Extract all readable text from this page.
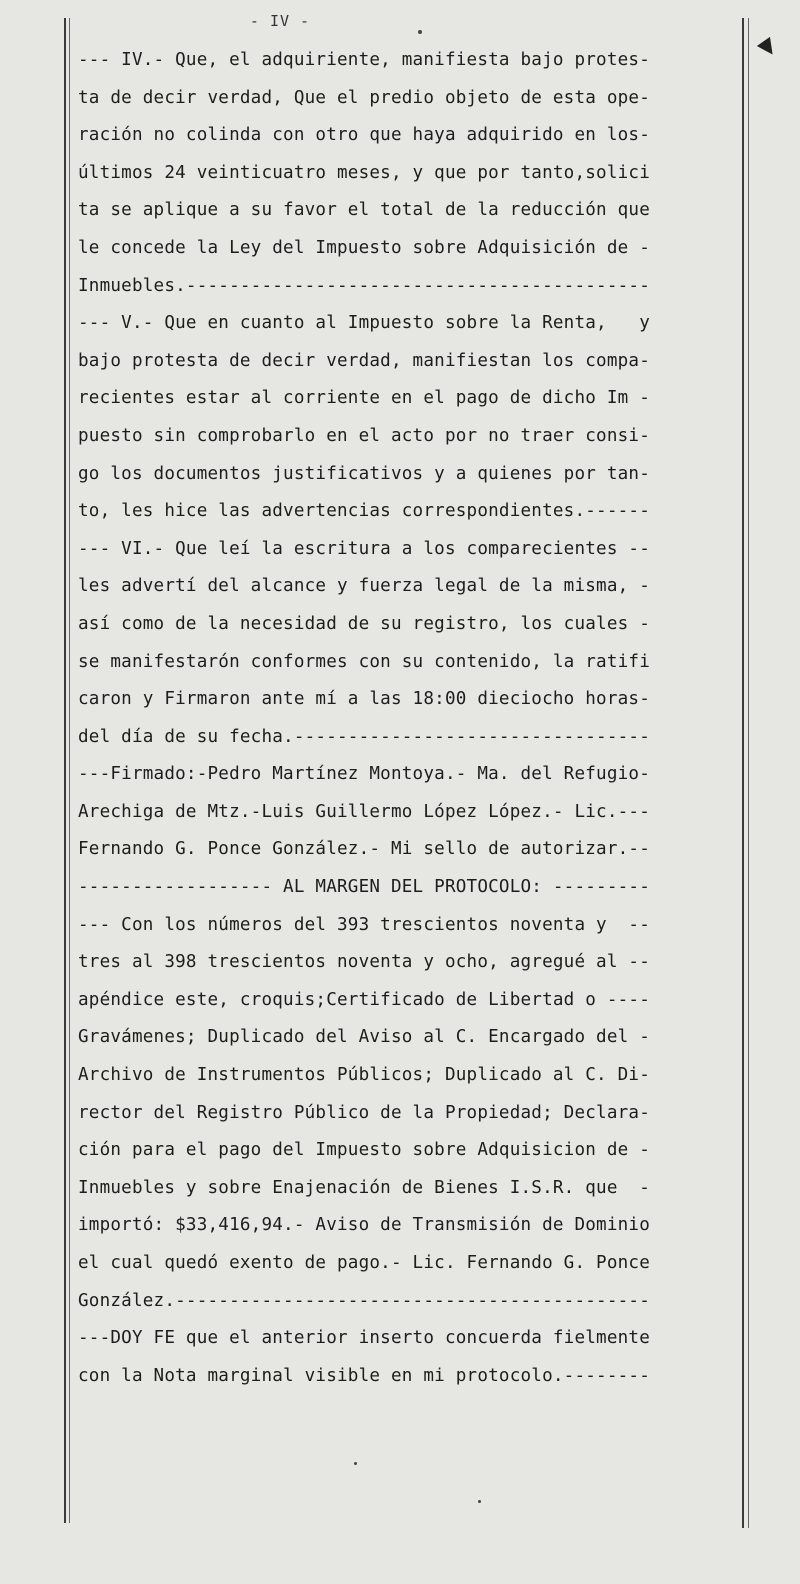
- IV -
--- IV.- Que, el adquiriente, manifiesta bajo protes-
ta de decir verdad, Que el predio objeto de esta ope-
ración no colinda con otro que haya adquirido en los-
últimos 24 veinticuatro meses, y que por tanto,solici
ta se aplique a su favor el total de la reducción que
le concede la Ley del Impuesto sobre Adquisición de -
Inmuebles.-------------------------------------------
--- V.- Que en cuanto al Impuesto sobre la Renta,   y
bajo protesta de decir verdad, manifiestan los compa-
recientes estar al corriente en el pago de dicho Im -
puesto sin comprobarlo en el acto por no traer consi-
go los documentos justificativos y a quienes por tan-
to, les hice las advertencias correspondientes.------
--- VI.- Que leí la escritura a los comparecientes --
les advertí del alcance y fuerza legal de la misma, -
así como de la necesidad de su registro, los cuales -
se manifestarón conformes con su contenido, la ratifi
caron y Firmaron ante mí a las 18:00 dieciocho horas-
del día de su fecha.---------------------------------
---Firmado:-Pedro Martínez Montoya.- Ma. del Refugio-
Arechiga de Mtz.-Luis Guillermo López López.- Lic.---
Fernando G. Ponce González.- Mi sello de autorizar.--
------------------ AL MARGEN DEL PROTOCOLO: ---------
--- Con los números del 393 trescientos noventa y  --
tres al 398 trescientos noventa y ocho, agregué al --
apéndice este, croquis;Certificado de Libertad o ----
Gravámenes; Duplicado del Aviso al C. Encargado del -
Archivo de Instrumentos Públicos; Duplicado al C. Di-
rector del Registro Público de la Propiedad; Declara-
ción para el pago del Impuesto sobre Adquisicion de -
Inmuebles y sobre Enajenación de Bienes I.S.R. que  -
importó: $33,416,94.- Aviso de Transmisión de Dominio
el cual quedó exento de pago.- Lic. Fernando G. Ponce
González.--------------------------------------------
---DOY FE que el anterior inserto concuerda fielmente
con la Nota marginal visible en mi protocolo.--------
